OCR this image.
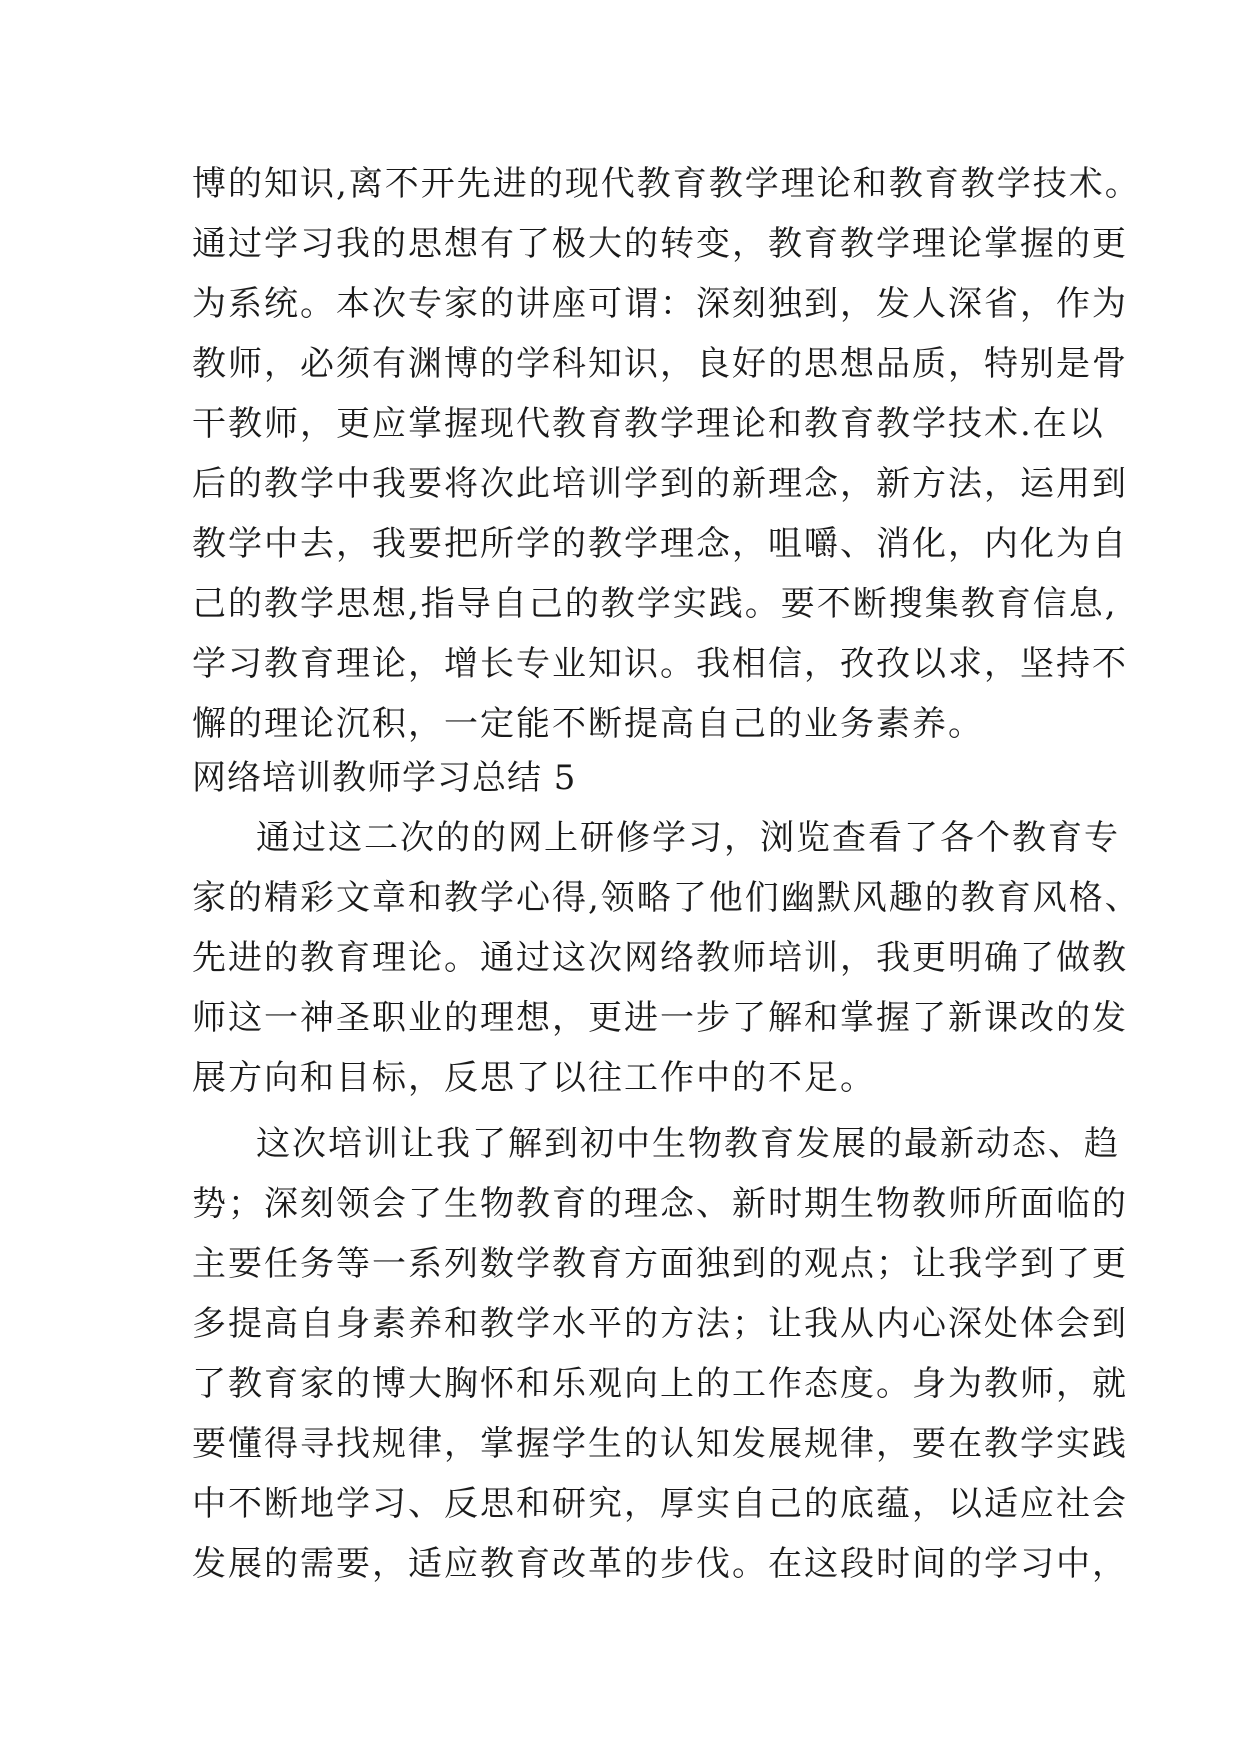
博的知识,离不开先进的现代教育教学理论和教育教学技术。
通过学习我的思想有了极大的转变，教育教学理论掌握的更
为系统。本次专家的讲座可谓：深刻独到，发人深省，作为
教师，必须有渊博的学科知识，良好的思想品质，特别是骨
干教师，更应掌握现代教育教学理论和教育教学技术.在以
后的教学中我要将次此培训学到的新理念，新方法，运用到
教学中去，我要把所学的教学理念，咀嚼、消化，内化为自
己的教学思想,指导自己的教学实践。要不断搜集教育信息,
学习教育理论，增长专业知识。我相信，孜孜以求，坚持不
懈的理论沉积，一定能不断提高自己的业务素养。
网络培训教师学习总结 5
通过这二次的的网上研修学习，浏览查看了各个教育专
家的精彩文章和教学心得,领略了他们幽默风趣的教育风格、
先进的教育理论。通过这次网络教师培训，我更明确了做教
师这一神圣职业的理想，更进一步了解和掌握了新课改的发
展方向和目标，反思了以往工作中的不足。
这次培训让我了解到初中生物教育发展的最新动态、趋
势；深刻领会了生物教育的理念、新时期生物教师所面临的
主要任务等一系列数学教育方面独到的观点；让我学到了更
多提高自身素养和教学水平的方法；让我从内心深处体会到
了教育家的博大胸怀和乐观向上的工作态度。身为教师，就
要懂得寻找规律，掌握学生的认知发展规律，要在教学实践
中不断地学习、反思和研究，厚实自己的底蕴，以适应社会
发展的需要，适应教育改革的步伐。在这段时间的学习中，
